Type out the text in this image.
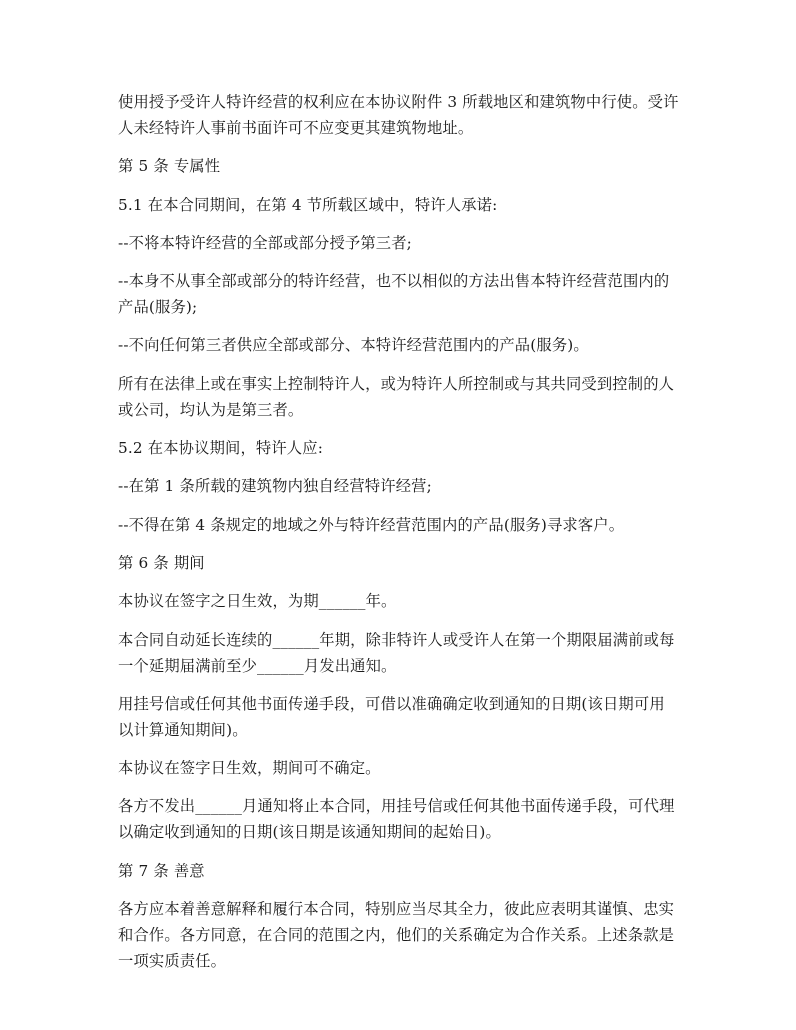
使用授予受许人特许经营的权利应在本协议附件 3 所载地区和建筑物中行使。受许人未经特许人事前书面许可不应变更其建筑物地址。

第 5 条 专属性

5.1 在本合同期间，在第 4 节所载区域中，特许人承诺:

--不将本特许经营的全部或部分授予第三者;

--本身不从事全部或部分的特许经营，也不以相似的方法出售本特许经营范围内的产品(服务);

--不向任何第三者供应全部或部分、本特许经营范围内的产品(服务)。

所有在法律上或在事实上控制特许人，或为特许人所控制或与其共同受到控制的人或公司，均认为是第三者。

5.2 在本协议期间，特许人应:

--在第 1 条所载的建筑物内独自经营特许经营;

--不得在第 4 条规定的地域之外与特许经营范围内的产品(服务)寻求客户。

第 6 条 期间

本协议在签字之日生效，为期______年。

本合同自动延长连续的______年期，除非特许人或受许人在第一个期限届满前或每一个延期届满前至少______月发出通知。

用挂号信或任何其他书面传递手段，可借以准确确定收到通知的日期(该日期可用以计算通知期间)。

本协议在签字日生效，期间可不确定。

各方不发出______月通知将止本合同，用挂号信或任何其他书面传递手段，可代理以确定收到通知的日期(该日期是该通知期间的起始日)。

第 7 条 善意

各方应本着善意解释和履行本合同，特别应当尽其全力，彼此应表明其谨慎、忠实和合作。各方同意，在合同的范围之内，他们的关系确定为合作关系。上述条款是一项实质责任。
